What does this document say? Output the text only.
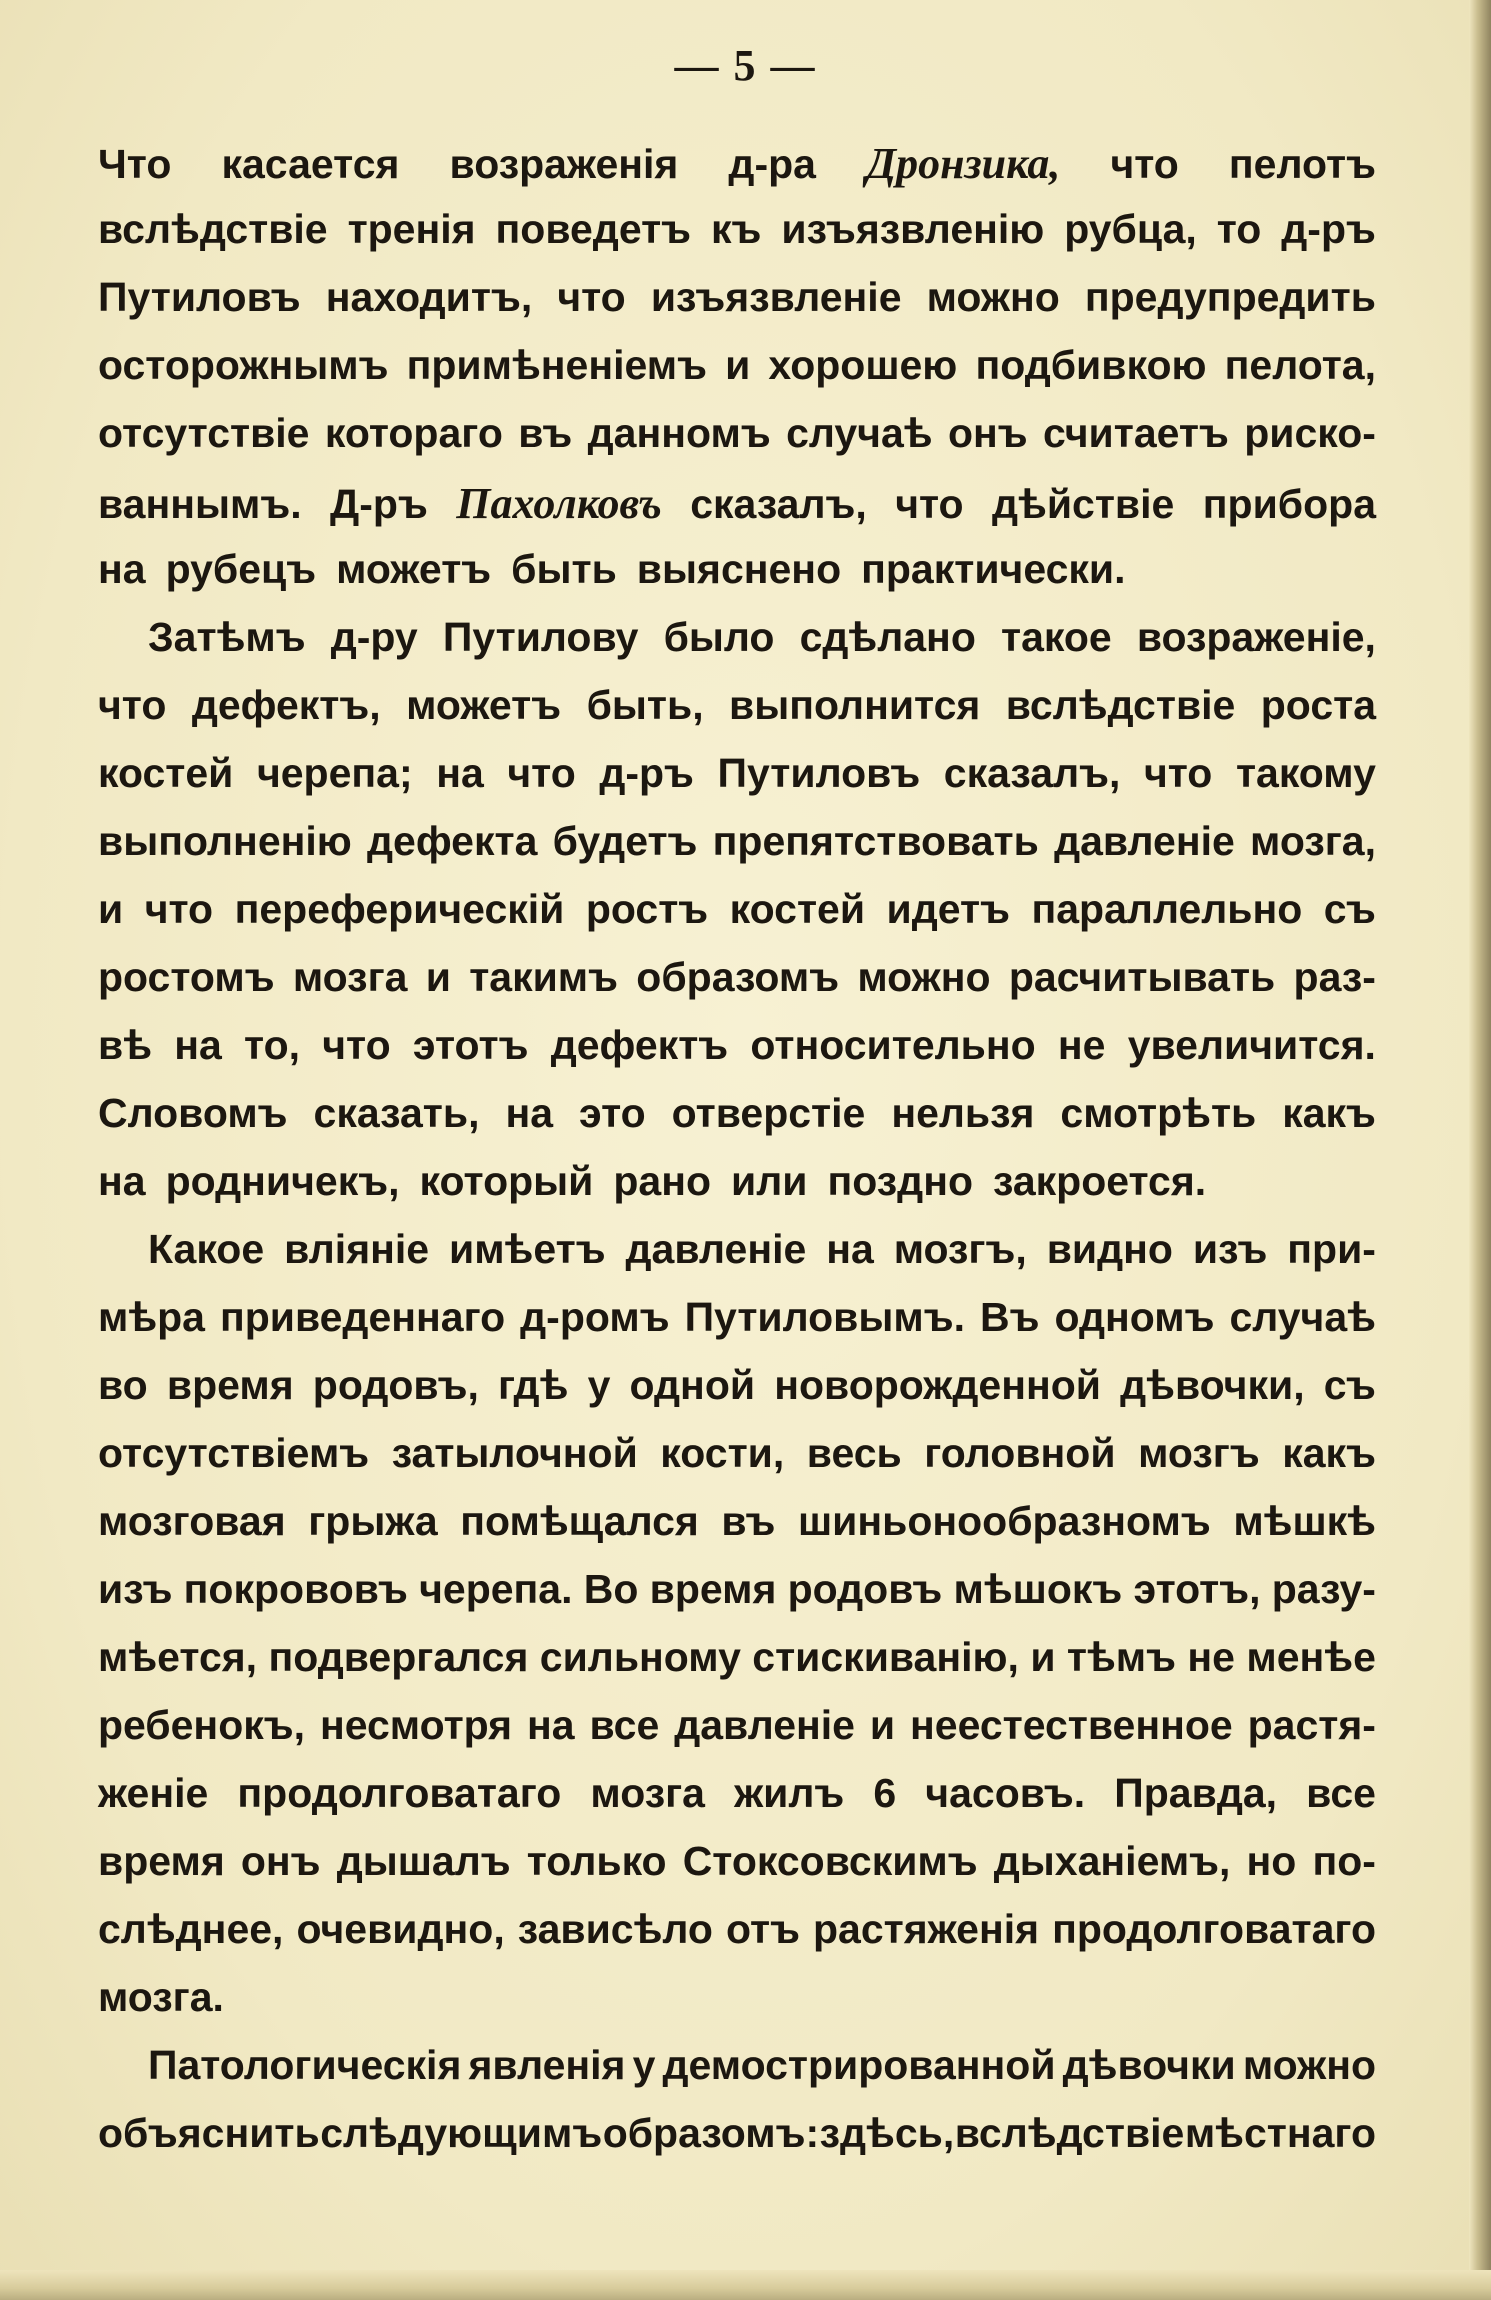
— 5 —
Что касается возраженія д-ра Дронзика, что пелотъ
вслѣдствіе тренія поведетъ къ изъязвленію рубца, то д-ръ
Путиловъ находитъ, что изъязвленіе можно предупредить
осторожнымъ примѣненіемъ и хорошею подбивкою пелота,
отсутствіе котораго въ данномъ случаѣ онъ считаетъ риско-
ваннымъ. Д-ръ Пахолковъ сказалъ, что дѣйствіе прибора
на рубецъ можетъ быть выяснено практически.
Затѣмъ д-ру Путилову было сдѣлано такое возраженіе,
что дефектъ, можетъ быть, выполнится вслѣдствіе роста
костей черепа; на что д-ръ Путиловъ сказалъ, что такому
выполненію дефекта будетъ препятствовать давленіе мозга,
и что переферическій ростъ костей идетъ параллельно съ
ростомъ мозга и такимъ образомъ можно расчитывать раз-
вѣ на то, что этотъ дефектъ относительно не увеличится.
Словомъ сказать, на это отверстіе нельзя смотрѣть какъ
на родничекъ, который рано или поздно закроется.
Какое вліяніе имѣетъ давленіе на мозгъ, видно изъ при-
мѣра приведеннаго д-ромъ Путиловымъ. Въ одномъ случаѣ
во время родовъ, гдѣ у одной новорожденной дѣвочки, съ
отсутствіемъ затылочной кости, весь головной мозгъ какъ
мозговая грыжа помѣщался въ шиньонообразномъ мѣшкѣ
изъ покрововъ черепа. Во время родовъ мѣшокъ этотъ, разу-
мѣется, подвергался сильному стискиванію, и тѣмъ не менѣе
ребенокъ, несмотря на все давленіе и неестественное растя-
женіе продолговатаго мозга жилъ 6 часовъ. Правда, все
время онъ дышалъ только Стоксовскимъ дыханіемъ, но по-
слѣднее, очевидно, зависѣло отъ растяженія продолговатаго
мозга.
Патологическія явленія у демострированной дѣвочки можно
объяснить слѣдующимъ образомъ: здѣсь, вслѣдствіе мѣстнаго
